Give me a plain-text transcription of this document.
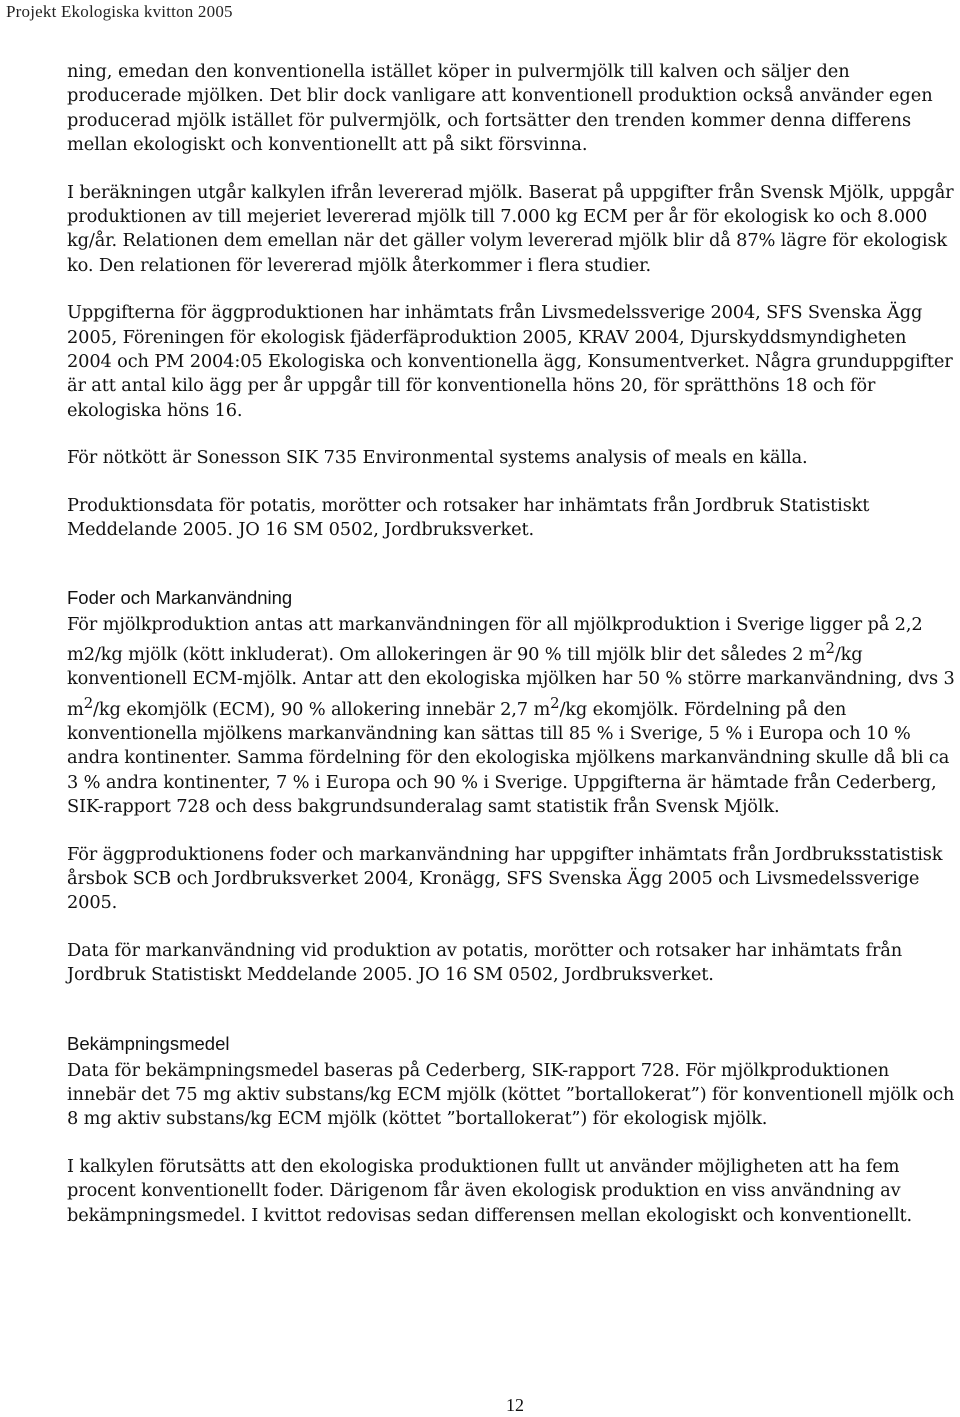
Projekt Ekologiska kvitton 2005

ning, emedan den konventionella istället köper in pulvermjölk till kalven och säljer den producerade mjölken. Det blir dock vanligare att konventionell produktion också använder egen producerad mjölk istället för pulvermjölk, och fortsätter den trenden kommer denna differens mellan ekologiskt och konventionellt att på sikt försvinna.

I beräkningen utgår kalkylen ifrån levererad mjölk. Baserat på uppgifter från Svensk Mjölk, uppgår produktionen av till mejeriet levererad mjölk till 7.000 kg ECM per år för ekologisk ko och 8.000 kg/år. Relationen dem emellan när det gäller volym levererad mjölk blir då 87% lägre för ekologisk ko. Den relationen för levererad mjölk återkommer i flera studier.

Uppgifterna för äggproduktionen har inhämtats från Livsmedelssverige 2004, SFS Svenska Ägg 2005, Föreningen för ekologisk fjäderfäproduktion 2005, KRAV 2004, Djurskyddsmyndigheten 2004 och PM 2004:05 Ekologiska och konventionella ägg, Konsumentverket. Några grunduppgifter är att antal kilo ägg per år uppgår till för konventionella höns 20, för sprätthöns 18 och för ekologiska höns 16.

För nötkött är Sonesson SIK 735 Environmental systems analysis of meals en källa.

Produktionsdata för potatis, morötter och rotsaker har inhämtats från Jordbruk Statistiskt Meddelande 2005. JO 16 SM 0502, Jordbruksverket.

Foder och Markanvändning

För mjölkproduktion antas att markanvändningen för all mjölkproduktion i Sverige ligger på 2,2 m2/kg mjölk (kött inkluderat). Om allokeringen är 90 % till mjölk blir det således 2 $m^2/kg$ konventionell ECM-mjölk. Antar att den ekologiska mjölken har 50 % större markanvändning, dvs 3 $m^2/kg$ ekomjölk (ECM), 90 % allokering innebär 2,7 $m^2/kg$ ekomjölk. Fördelning på den konventionella mjölkens markanvändning kan sättas till 85 % i Sverige, 5 % i Europa och 10 % andra kontinenter. Samma fördelning för den ekologiska mjölkens markanvändning skulle då bli ca 3 % andra kontinenter, 7 % i Europa och 90 % i Sverige. Uppgifterna är hämtade från Cederberg, SIK-rapport 728 och dess bakgrundsunderalag samt statistik från Svensk Mjölk.

För äggproduktionens foder och markanvändning har uppgifter inhämtats från Jordbruksstatistisk årsbok SCB och Jordbruksverket 2004, Kronägg, SFS Svenska Ägg 2005 och Livsmedelssverige 2005.

Data för markanvändning vid produktion av potatis, morötter och rotsaker har inhämtats från Jordbruk Statistiskt Meddelande 2005. JO 16 SM 0502, Jordbruksverket.

Bekämpningsmedel

Data för bekämpningsmedel baseras på Cederberg, SIK-rapport 728. För mjölkproduktionen innebär det 75 mg aktiv substans/kg ECM mjölk (köttet ”bortallokerat”) för konventionell mjölk och 8 mg aktiv substans/kg ECM mjölk (köttet ”bortallokerat”) för ekologisk mjölk.

I kalkylen förutsätts att den ekologiska produktionen fullt ut använder möjligheten att ha fem procent konventionellt foder. Därigenom får även ekologisk produktion en viss användning av bekämpningsmedel. I kvittot redovisas sedan differensen mellan ekologiskt och konventionellt.

12
